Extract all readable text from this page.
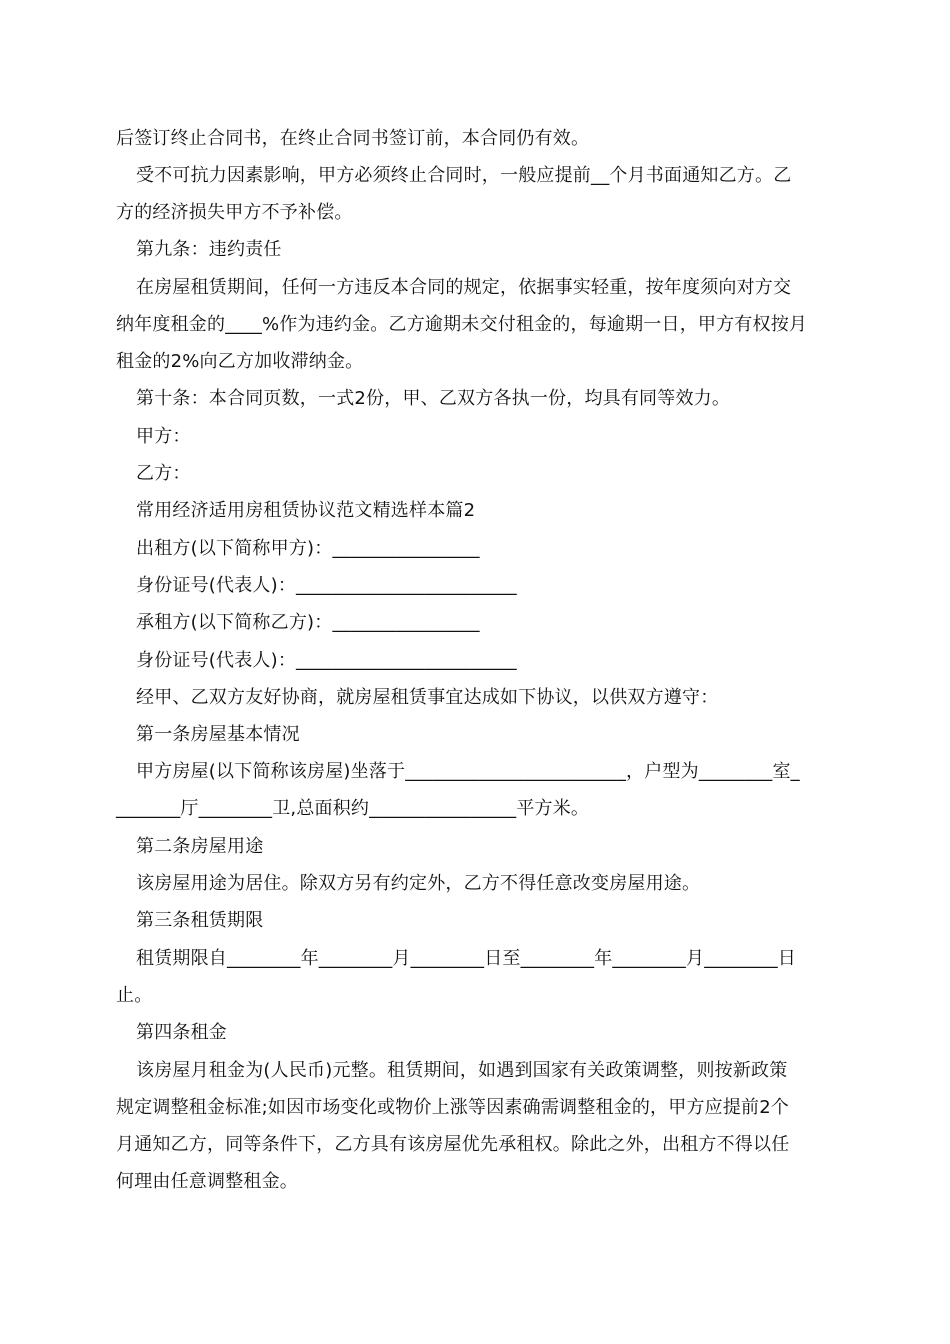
后签订终止合同书，在终止合同书签订前，本合同仍有效。
受不可抗力因素影响，甲方必须终止合同时，一般应提前__个月书面通知乙方。乙
方的经济损失甲方不予补偿。
第九条：违约责任
在房屋租赁期间，任何一方违反本合同的规定，依据事实轻重，按年度须向对方交
纳年度租金的____%作为违约金。乙方逾期未交付租金的，每逾期一日，甲方有权按月
租金的2%向乙方加收滞纳金。
第十条：本合同页数，一式2份，甲、乙双方各执一份，均具有同等效力。
甲方：
乙方：
常用经济适用房租赁协议范文精选样本篇2
出租方(以下简称甲方)：________________
身份证号(代表人)：________________________
承租方(以下简称乙方)：________________
身份证号(代表人)：________________________
经甲、乙双方友好协商，就房屋租赁事宜达成如下协议，以供双方遵守：
第一条房屋基本情况
甲方房屋(以下简称该房屋)坐落于________________________，户型为________室_
_______厅________卫,总面积约________________平方米。
第二条房屋用途
该房屋用途为居住。除双方另有约定外，乙方不得任意改变房屋用途。
第三条租赁期限
租赁期限自________年________月________日至________年________月________日
止。
第四条租金
该房屋月租金为(人民币)元整。租赁期间，如遇到国家有关政策调整，则按新政策
规定调整租金标准;如因市场变化或物价上涨等因素确需调整租金的，甲方应提前2个
月通知乙方，同等条件下，乙方具有该房屋优先承租权。除此之外，出租方不得以任
何理由任意调整租金。
